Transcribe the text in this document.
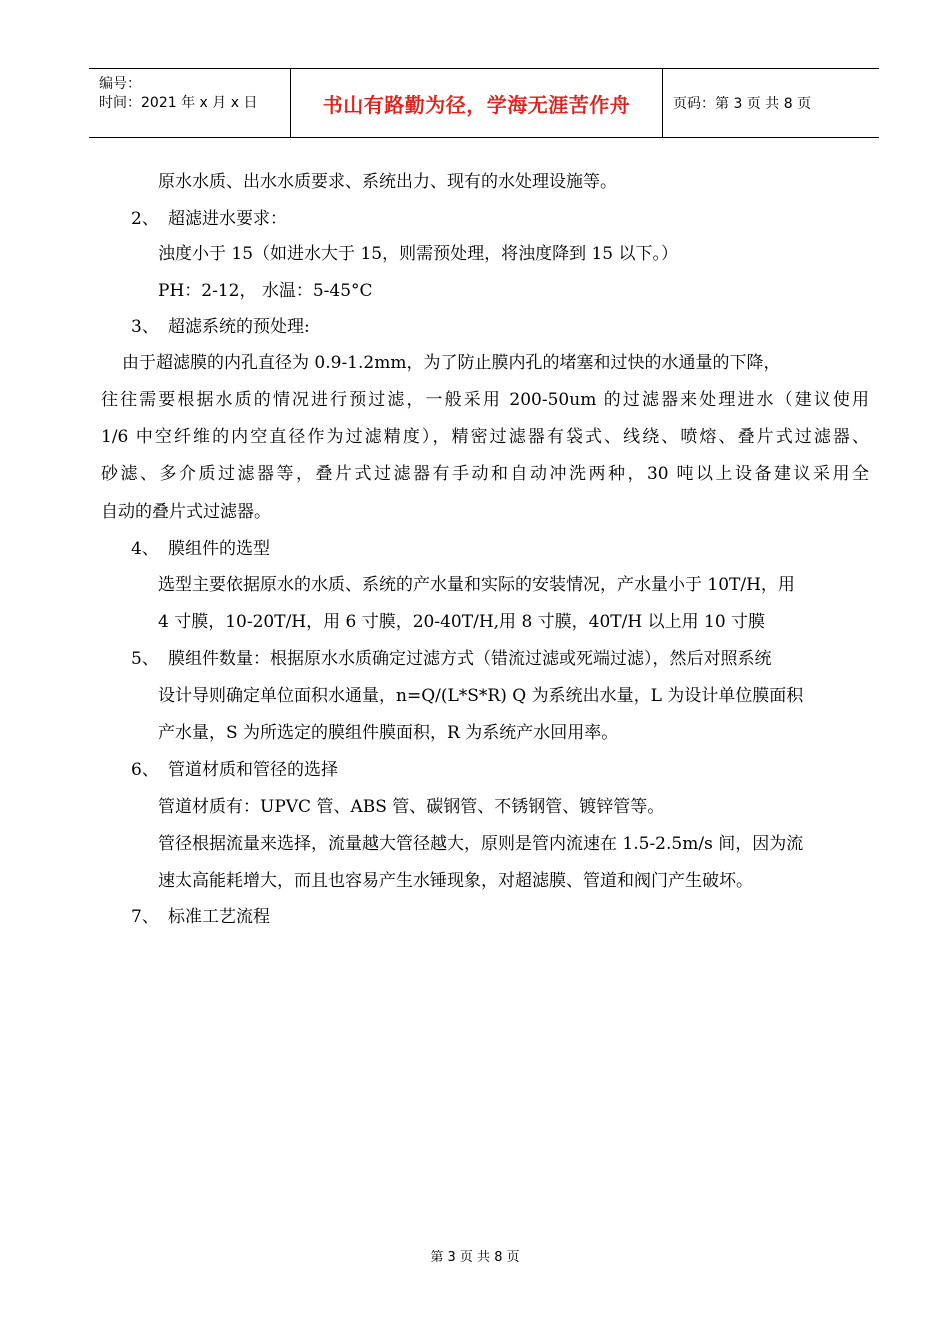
编号：
时间：2021 年 x 月 x 日	书山有路勤为径，学海无涯苦作舟	页码：第 3 页 共 8 页
原水水质、出水水质要求、系统出力、现有的水处理设施等。
2、 超滤进水要求：
浊度小于 15（如进水大于 15，则需预处理，将浊度降到 15 以下。）
PH：2-12， 水温：5-45°C
3、 超滤系统的预处理:
由于超滤膜的内孔直径为 0.9-1.2mm，为了防止膜内孔的堵塞和过快的水通量的下降，
往往需要根据水质的情况进行预过滤，一般采用 200-50um 的过滤器来处理进水（建议使用
1/6 中空纤维的内空直径作为过滤精度），精密过滤器有袋式、线绕、喷熔、叠片式过滤器、
砂滤、多介质过滤器等，叠片式过滤器有手动和自动冲洗两种，30 吨以上设备建议采用全
自动的叠片式过滤器。
4、 膜组件的选型
选型主要依据原水的水质、系统的产水量和实际的安装情况，产水量小于 10T/H，用
4 寸膜，10-20T/H，用 6 寸膜，20-40T/H,用 8 寸膜，40T/H 以上用 10 寸膜
5、 膜组件数量：根据原水水质确定过滤方式（错流过滤或死端过滤），然后对照系统
设计导则确定单位面积水通量，n=Q/(L*S*R) Q 为系统出水量，L 为设计单位膜面积
产水量，S 为所选定的膜组件膜面积，R 为系统产水回用率。
6、 管道材质和管径的选择
管道材质有：UPVC 管、ABS 管、碳钢管、不锈钢管、镀锌管等。
管径根据流量来选择，流量越大管径越大，原则是管内流速在 1.5-2.5m/s 间，因为流
速太高能耗增大，而且也容易产生水锤现象，对超滤膜、管道和阀门产生破坏。
7、 标准工艺流程
第 3 页 共 8 页
